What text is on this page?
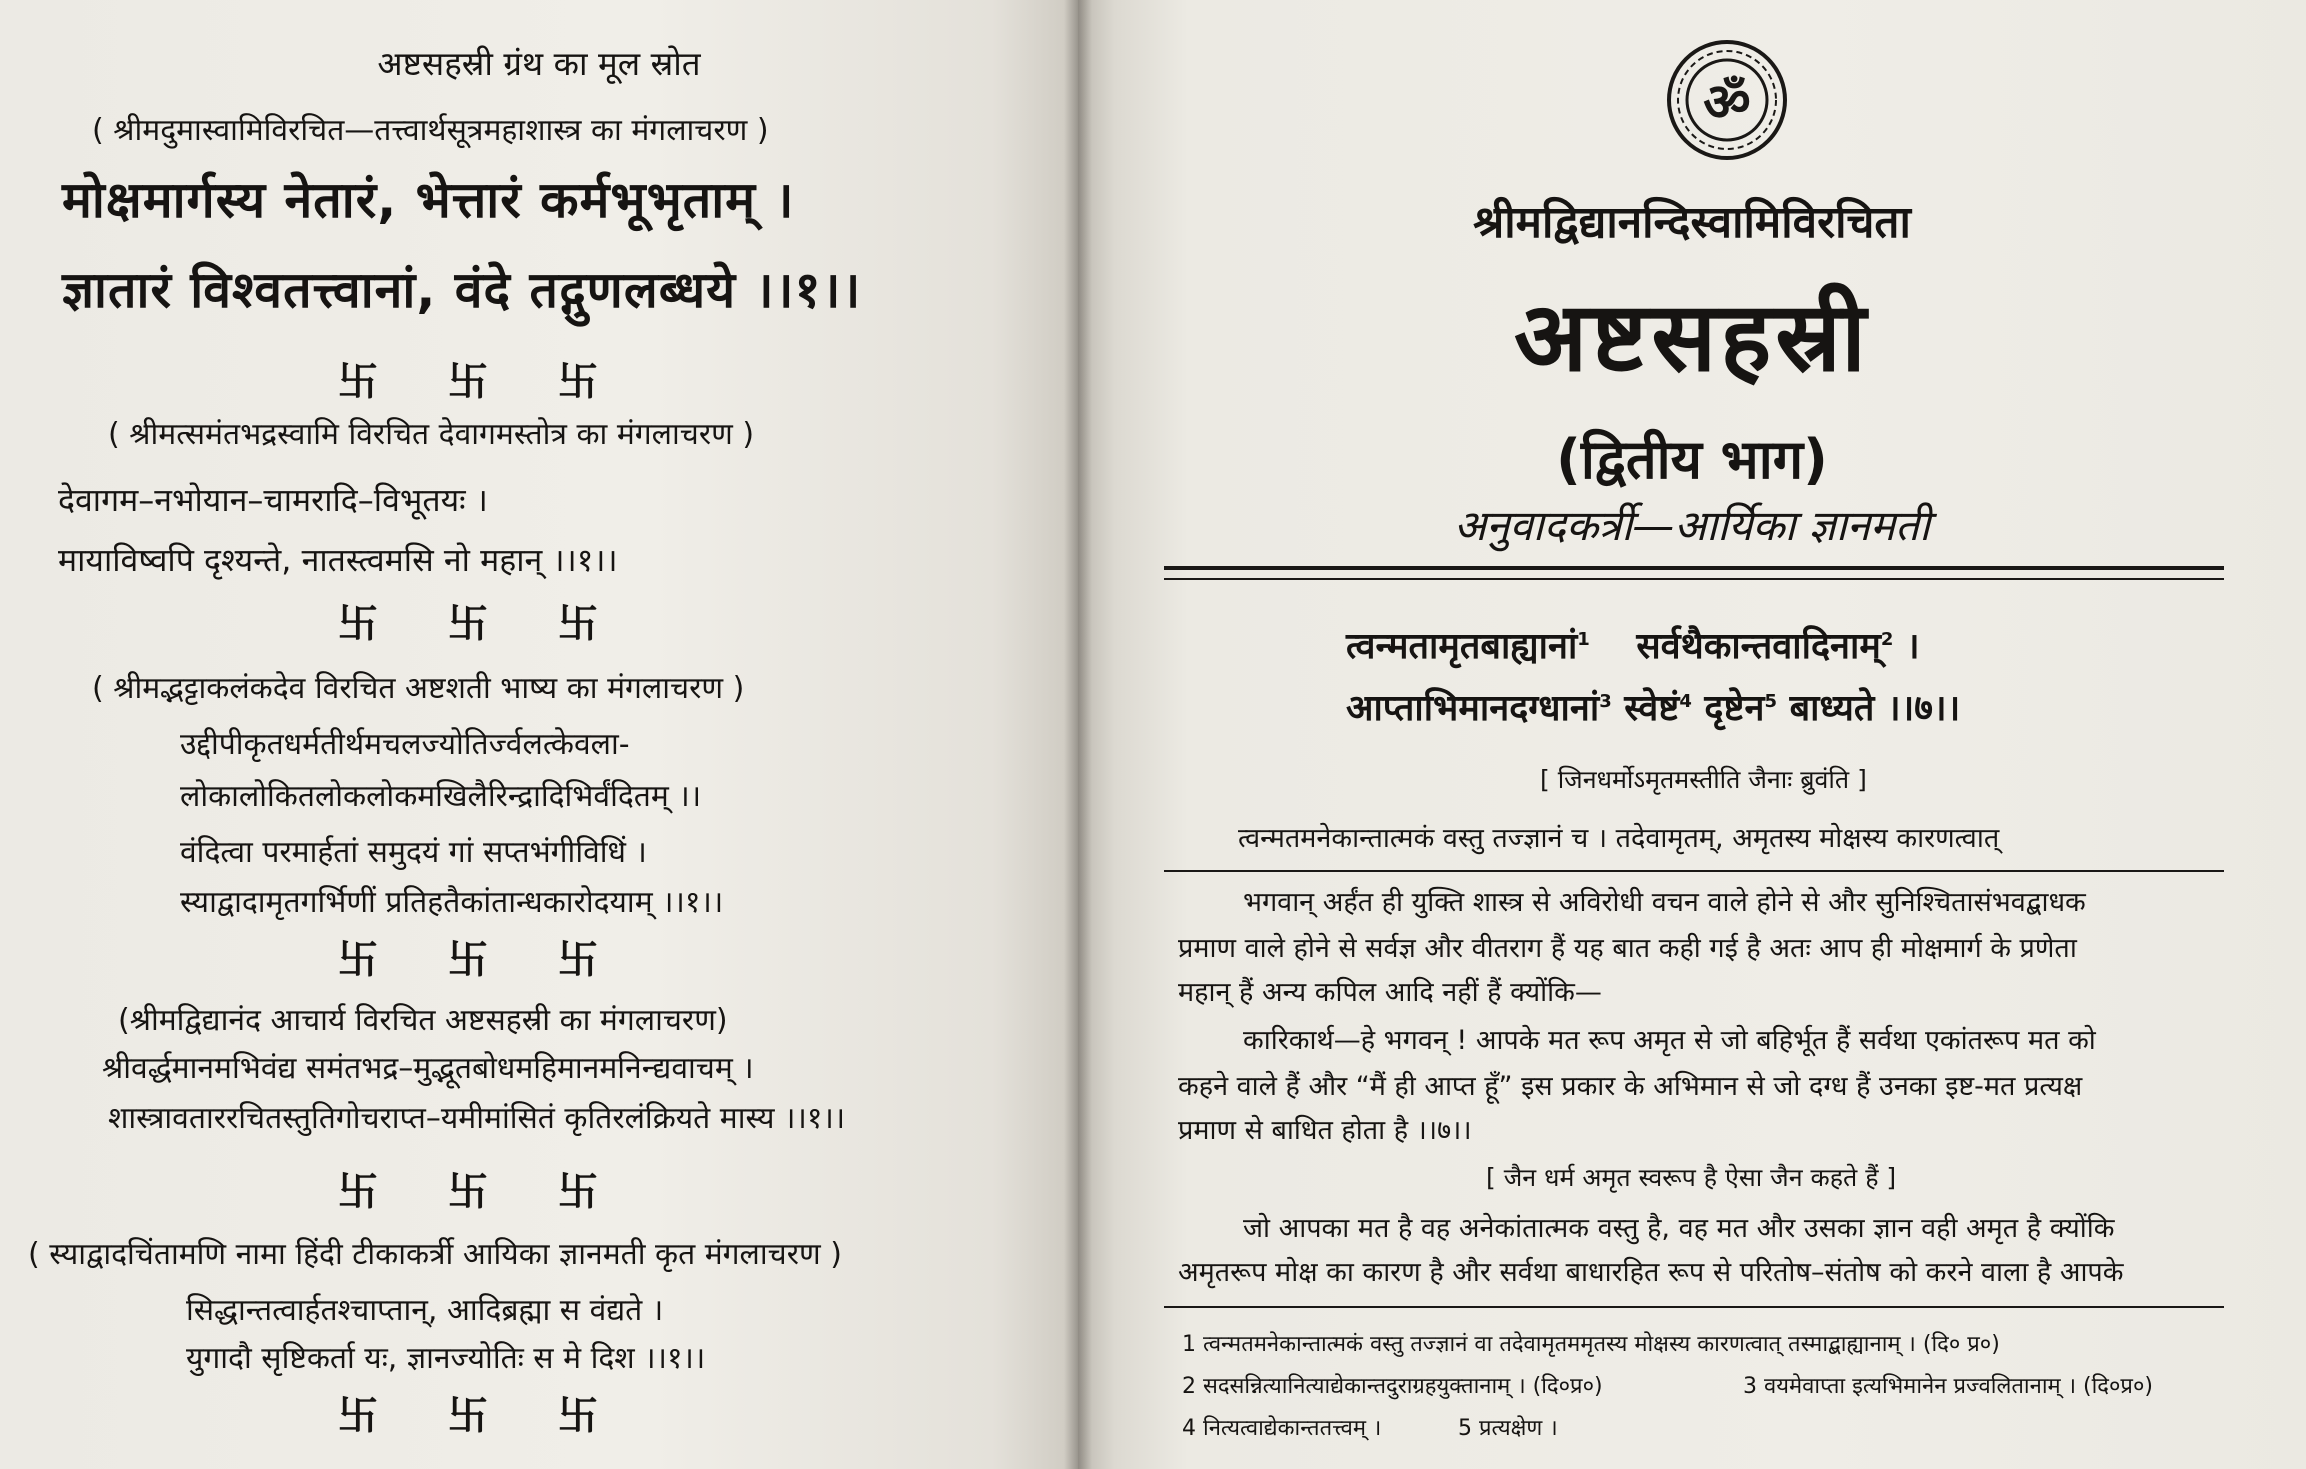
अष्टसहस्री ग्रंथ का मूल स्रोत
( श्रीमदुमास्वामिविरचित—तत्त्वार्थसूत्रमहाशास्त्र का मंगलाचरण )
मोक्षमार्गस्य नेतारं, भेत्तारं कर्मभूभृताम् ।
ज्ञातारं विश्वतत्त्वानां, वंदे तद्गुणलब्धये ।।१।।
卐 卐 卐
( श्रीमत्समंतभद्रस्वामि विरचित देवागमस्तोत्र का मंगलाचरण )
देवागम–नभोयान–चामरादि–विभूतयः ।
मायाविष्वपि दृश्यन्ते, नातस्त्वमसि नो महान् ।।१।।
卐 卐 卐
( श्रीमद्भट्टाकलंकदेव विरचित अष्टशती भाष्य का मंगलाचरण )
उद्दीपीकृतधर्मतीर्थमचलज्योतिर्ज्वलत्केवला-
लोकालोकितलोकलोकमखिलैरिन्द्रादिभिर्वंदितम् ।।
वंदित्वा परमार्हतां समुदयं गां सप्तभंगीविधिं ।
स्याद्वादामृतगर्भिणीं प्रतिहतैकांतान्धकारोदयाम् ।।१।।
卐 卐 卐
(श्रीमद्विद्यानंद आचार्य विरचित अष्टसहस्री का मंगलाचरण)
श्रीवर्द्धमानमभिवंद्य समंतभद्र–मुद्भूतबोधमहिमानमनिन्द्यवाचम् ।
शास्त्रावताररचितस्तुतिगोचराप्त–यमीमांसितं कृतिरलंक्रियते मास्य ।।१।।
卐 卐 卐
( स्याद्वादचिंतामणि नामा हिंदी टीकाकर्त्री आयिका ज्ञानमती कृत मंगलाचरण )
सिद्धान्तत्वार्हतश्चाप्तान्, आदिब्रह्मा स वंद्यते ।
युगादौ सृष्टिकर्ता यः, ज्ञानज्योतिः स मे दिश ।।१।।
卐 卐 卐
ॐ
श्रीमद्विद्यानन्दिस्वामिविरचिता
अष्टसहस्री
(द्वितीय भाग)
अनुवादकर्त्री—आर्यिका ज्ञानमती
त्वन्मतामृतबाह्यानां$^1$ सर्वथैकान्तवादिनाम्$^2$ ।
आप्ताभिमानदग्धानां$^3$ स्वेष्टं$^4$ दृष्टेन$^5$ बाध्यते ।।७।।
[ जिनधर्मोऽमृतमस्तीति जैनाः ब्रुवंति ]
त्वन्मतमनेकान्तात्मकं वस्तु तज्ज्ञानं च । तदेवामृतम्, अमृतस्य मोक्षस्य कारणत्वात्
भगवान् अर्हंत ही युक्ति शास्त्र से अविरोधी वचन वाले होने से और सुनिश्चितासंभवद्बाधक
प्रमाण वाले होने से सर्वज्ञ और वीतराग हैं यह बात कही गई है अतः आप ही मोक्षमार्ग के प्रणेता
महान् हैं अन्य कपिल आदि नहीं हैं क्योंकि—
कारिकार्थ—हे भगवन् ! आपके मत रूप अमृत से जो बहिर्भूत हैं सर्वथा एकांतरूप मत को
कहने वाले हैं और “मैं ही आप्त हूँ” इस प्रकार के अभिमान से जो दग्ध हैं उनका इष्ट-मत प्रत्यक्ष
प्रमाण से बाधित होता है ।।७।।
[ जैन धर्म अमृत स्वरूप है ऐसा जैन कहते हैं ]
जो आपका मत है वह अनेकांतात्मक वस्तु है, वह मत और उसका ज्ञान वही अमृत है क्योंकि
अमृतरूप मोक्ष का कारण है और सर्वथा बाधारहित रूप से परितोष–संतोष को करने वाला है आपके
1 त्वन्मतमनेकान्तात्मकं वस्तु तज्ज्ञानं वा तदेवामृतममृतस्य मोक्षस्य कारणत्वात् तस्माद्बाह्यानाम् । (दि० प्र०)
2 सदसन्नित्यानित्याद्येकान्तदुराग्रहयुक्तानाम् । (दि०प्र०)	3 वयमेवाप्ता इत्यभिमानेन प्रज्वलितानाम् । (दि०प्र०)
4 नित्यत्वाद्येकान्ततत्त्वम् ।	5 प्रत्यक्षेण ।
